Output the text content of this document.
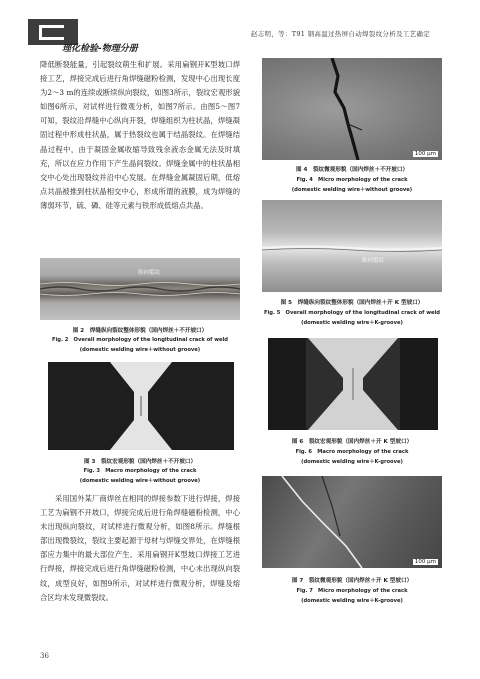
理化检验-物理分册
赵志明，等：T91 钢高温过热屏自动焊裂纹分析及工艺确定

降低断裂能量，引起裂纹萌生和扩展。采用扁钢开K型坡口焊接工艺，焊接完成后进行角焊缝磁粉检测，发现中心出现长度为2～3 m的连续或断续纵向裂纹，如图3所示，裂纹宏观形貌如图6所示，对试样进行微观分析，如图7所示。由图5～图7可知，裂纹沿焊缝中心纵向开裂，焊缝组织为柱状晶，焊缝凝固过程中形成柱状晶，属于热裂纹也属于结晶裂纹。在焊缝结晶过程中，由于凝固金属收缩导致残余液态金属无法及时填充，所以在应力作用下产生晶间裂纹。焊缝金属中的柱状晶相交中心处出现裂纹并沿中心发展。在焊缝金属凝固后期，低熔点共晶被推到柱状晶相交中心，形成所谓的液膜，成为焊缝的薄弱环节，硫、磷、硅等元素与铁形成低熔点共晶。

纵向裂纹
图 2　焊缝纵向裂纹整体形貌（国内焊丝＋不开坡口）
Fig. 2　Overall morphology of the longitudinal crack of weld
(domestic welding wire＋without groove)
图 3　裂纹宏观形貌（国内焊丝＋不开坡口）
Fig. 3　Macro morphology of the crack
(domestic welding wire＋without groove)

采用国外某厂商焊丝在相同的焊接参数下进行焊接，焊接工艺为扁钢不开坡口，焊接完成后进行角焊缝磁粉检测，中心未出现纵向裂纹，对试样进行微观分析，如图8所示。焊缝根部出现微裂纹，裂纹主要起源于母材与焊缝交界处，在焊缝根部应力集中的最大部位产生。采用扁钢开K型坡口焊接工艺进行焊接，焊接完成后进行角焊缝磁粉检测，中心未出现纵向裂纹，成型良好，如图9所示，对试样进行微观分析，焊缝及熔合区均未发现微裂纹。

100 μm
图 4　裂纹微观形貌（国内焊丝＋不开坡口）
Fig. 4　Micro morphology of the crack
(domestic welding wire＋without groove)
纵向裂纹
图 5　焊缝纵向裂纹整体形貌（国内焊丝＋开 K 型坡口）
Fig. 5　Overall morphology of the longitudinal crack of weld
(domestic welding wire＋K-groove)
图 6　裂纹宏观形貌（国内焊丝＋开 K 型坡口）
Fig. 6　Macro morphology of the crack
(domestic welding wire＋K-groove)
100 μm
图 7　裂纹微观形貌（国内焊丝＋开 K 型坡口）
Fig. 7　Micro morphology of the crack
(domestic welding wire＋K-groove)
36
